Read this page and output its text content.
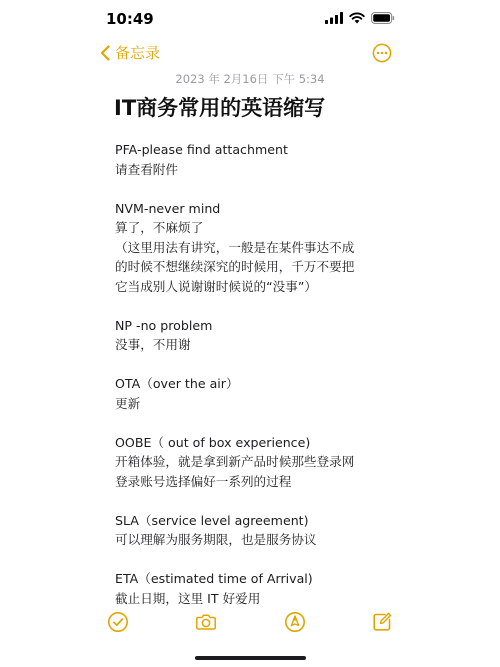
10:49
备忘录
2023 年 2月16日 下午 5:34
IT商务常用的英语缩写

PFA-please find attachment
请查看附件

NVM-never mind
算了，不麻烦了
（这里用法有讲究，一般是在某件事达不成
的时候不想继续深究的时候用，千万不要把
它当成别人说谢谢时候说的“没事”）

NP -no problem
没事，不用谢

OTA（over the air）
更新

OOBE（ out of box experience)
开箱体验，就是拿到新产品时候那些登录网
登录账号选择偏好一系列的过程

SLA（service level agreement)
可以理解为服务期限，也是服务协议

ETA（estimated time of Arrival)
截止日期，这里 IT 好爱用
